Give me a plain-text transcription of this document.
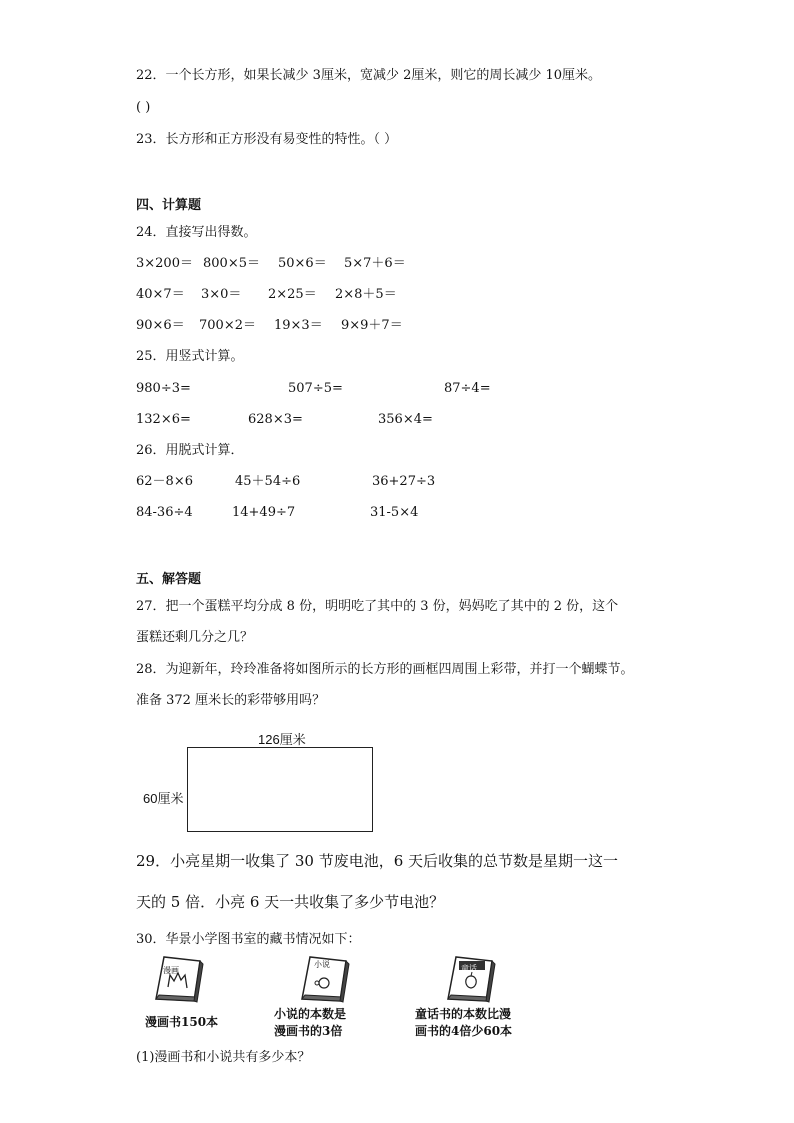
22．一个长方形，如果长减少 3厘米，宽减少 2厘米，则它的周长减少 10厘米。
( )
23．长方形和正方形没有易变性的特性。（ ）
四、计算题
24．直接写出得数。
3×200＝ 800×5＝ 50×6＝ 5×7＋6＝
40×7＝ 3×0＝ 2×25＝ 2×8＋5＝
90×6＝ 700×2＝ 19×3＝ 9×9＋7＝
25．用竖式计算。
980÷3=	507÷5=	87÷4=
132×6=	628×3=	356×4=
26．用脱式计算．
62－8×6	45＋54÷6	36+27÷3
84-36÷4	14+49÷7	31-5×4
五、解答题
27．把一个蛋糕平均分成 8 份，明明吃了其中的 3 份，妈妈吃了其中的 2 份，这个
蛋糕还剩几分之几？
28．为迎新年，玲玲准备将如图所示的长方形的画框四周围上彩带，并打一个蝴蝶节。
准备 372 厘米长的彩带够用吗？
126厘米
60厘米
29．小亮星期一收集了 30 节废电池，6 天后收集的总节数是星期一这一
天的 5 倍．小亮 6 天一共收集了多少节电池？
30．华景小学图书室的藏书情况如下：
漫画书150本
漫画
小说
小说的本数是
漫画书的3倍
童话
童话书的本数比漫
画书的4倍少60本
(1)漫画书和小说共有多少本？
